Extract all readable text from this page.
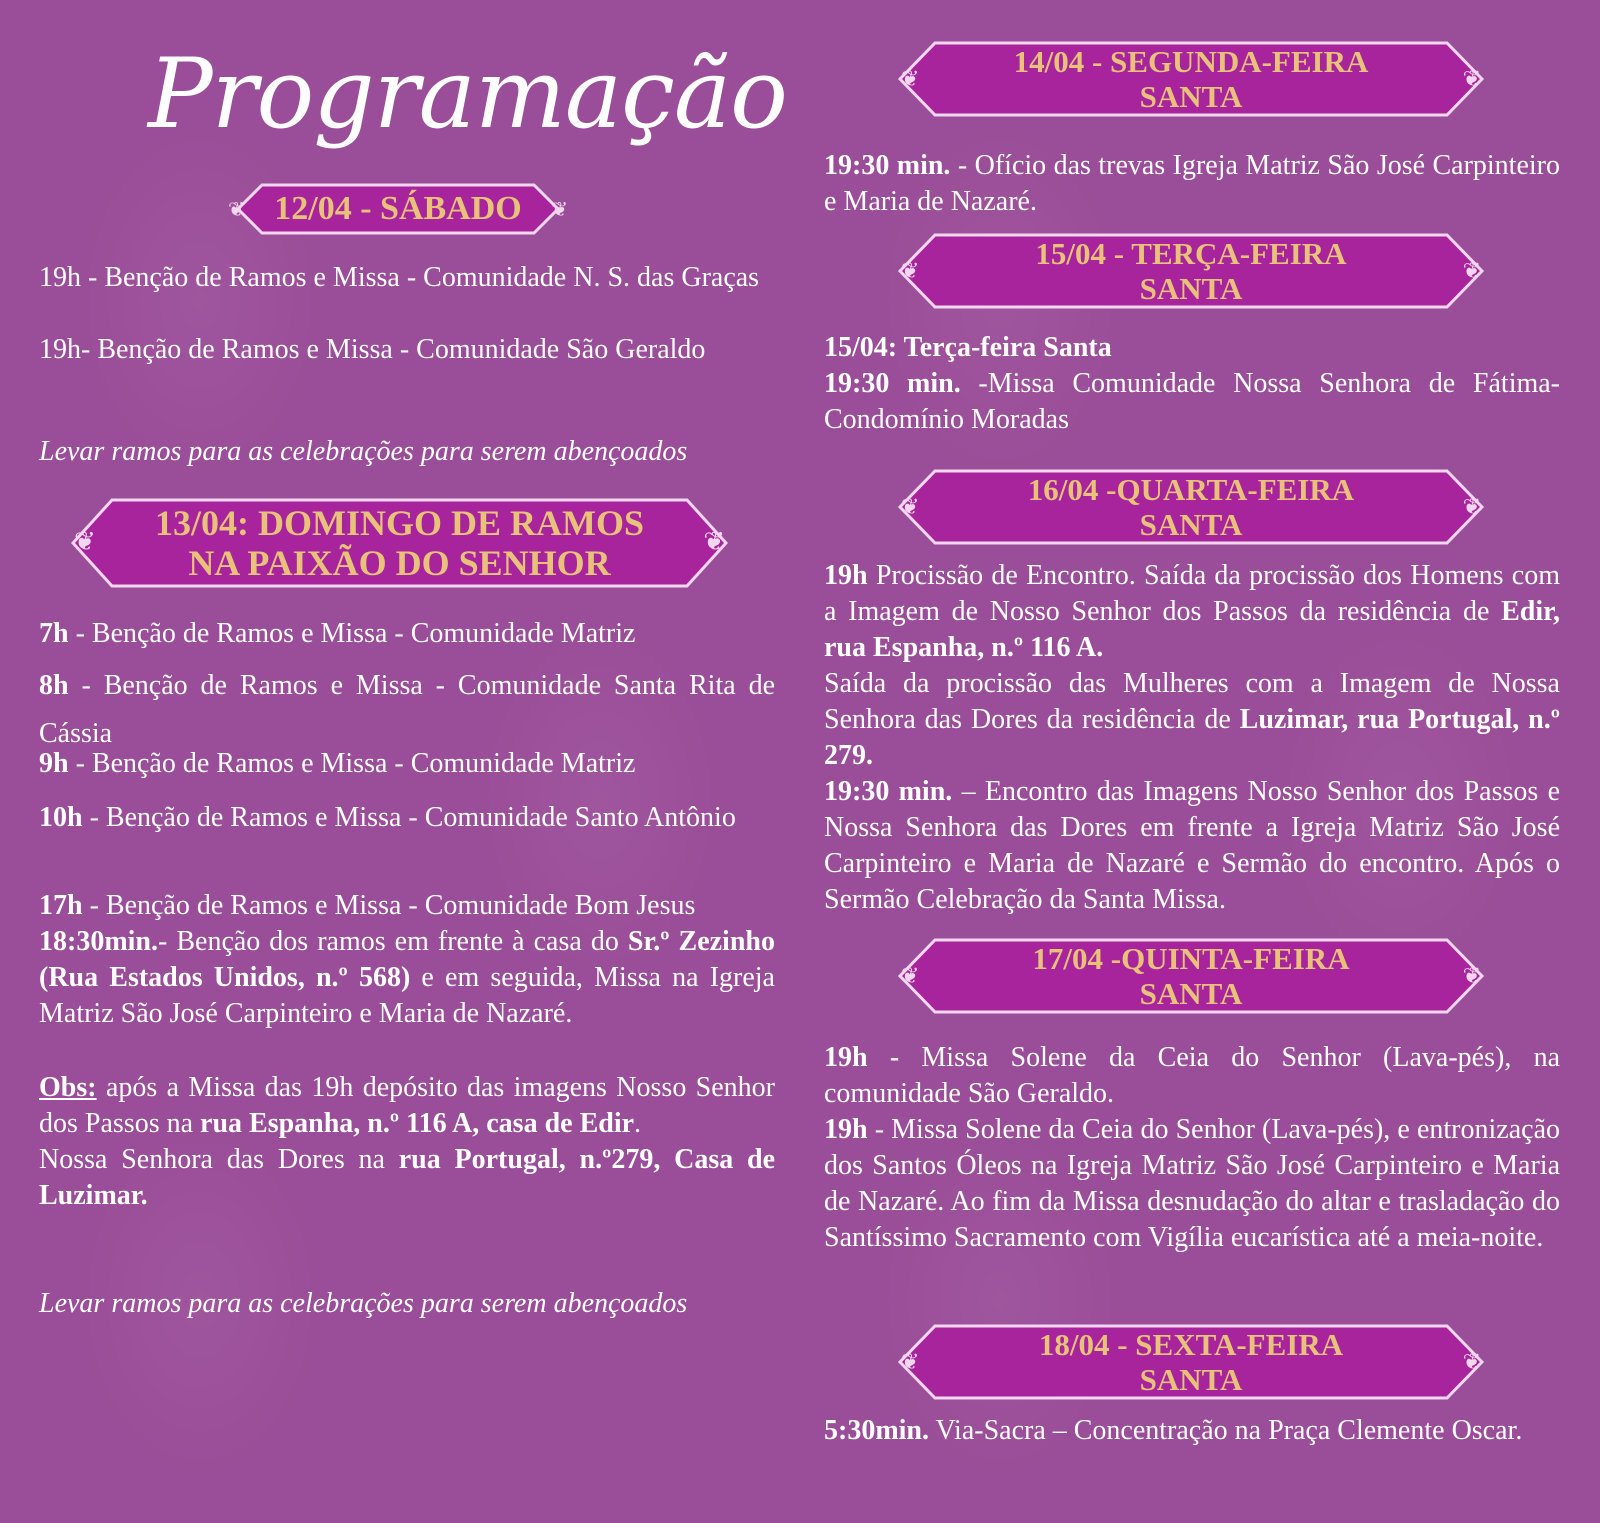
Programação
❦	❦
12/04 - SÁBADO

19h - Benção de Ramos e Missa - Comunidade N. S. das Graças

19h- Benção de Ramos e Missa - Comunidade São Geraldo

Levar ramos para as celebrações para serem abençoados

❦	❦
13/04: DOMINGO DE RAMOS
NA PAIXÃO DO SENHOR

7h - Benção de Ramos e Missa - Comunidade Matriz

8h - Benção de Ramos e Missa - Comunidade Santa Rita de Cássia

9h - Benção de Ramos e Missa - Comunidade Matriz

10h - Benção de Ramos e Missa - Comunidade Santo Antônio

17h - Benção de Ramos e Missa - Comunidade Bom Jesus

18:30min.- Benção dos ramos em frente à casa do Sr.º Zezinho (Rua Estados Unidos, n.º 568) e em seguida, Missa na Igreja Matriz São José Carpinteiro e Maria de Nazaré.

Obs: após a Missa das 19h depósito das imagens Nosso Senhor dos Passos na rua Espanha, n.º 116 A, casa de Edir.
Nossa Senhora das Dores na rua Portugal, n.º279, Casa de Luzimar.

Levar ramos para as celebrações para serem abençoados

❦	❦
14/04 - SEGUNDA-FEIRA
SANTA

19:30 min. - Ofício das trevas Igreja Matriz São José Carpinteiro e Maria de Nazaré.

❦	❦
15/04 - TERÇA-FEIRA
SANTA

15/04: Terça-feira Santa

19:30 min. -Missa Comunidade Nossa Senhora de Fátima- Condomínio Moradas

❦	❦
16/04 -QUARTA-FEIRA
SANTA

19h Procissão de Encontro. Saída da procissão dos Homens com a Imagem de Nosso Senhor dos Passos da residência de Edir, rua Espanha, n.º 116 A.
Saída da procissão das Mulheres com a Imagem de Nossa Senhora das Dores da residência de Luzimar, rua Portugal, n.º 279.
19:30 min. – Encontro das Imagens Nosso Senhor dos Passos e Nossa Senhora das Dores em frente a Igreja Matriz São José Carpinteiro e Maria de Nazaré e Sermão do encontro. Após o Sermão Celebração da Santa Missa.

❦	❦
17/04 -QUINTA-FEIRA
SANTA

19h - Missa Solene da Ceia do Senhor (Lava-pés), na comunidade São Geraldo.

19h - Missa Solene da Ceia do Senhor (Lava-pés), e entronização dos Santos Óleos na Igreja Matriz São José Carpinteiro e Maria de Nazaré. Ao fim da Missa desnudação do altar e trasladação do Santíssimo Sacramento com Vigília eucarística até a meia-noite.

❦	❦
18/04 - SEXTA-FEIRA
SANTA

5:30min. Via-Sacra – Concentração na Praça Clemente Oscar.
